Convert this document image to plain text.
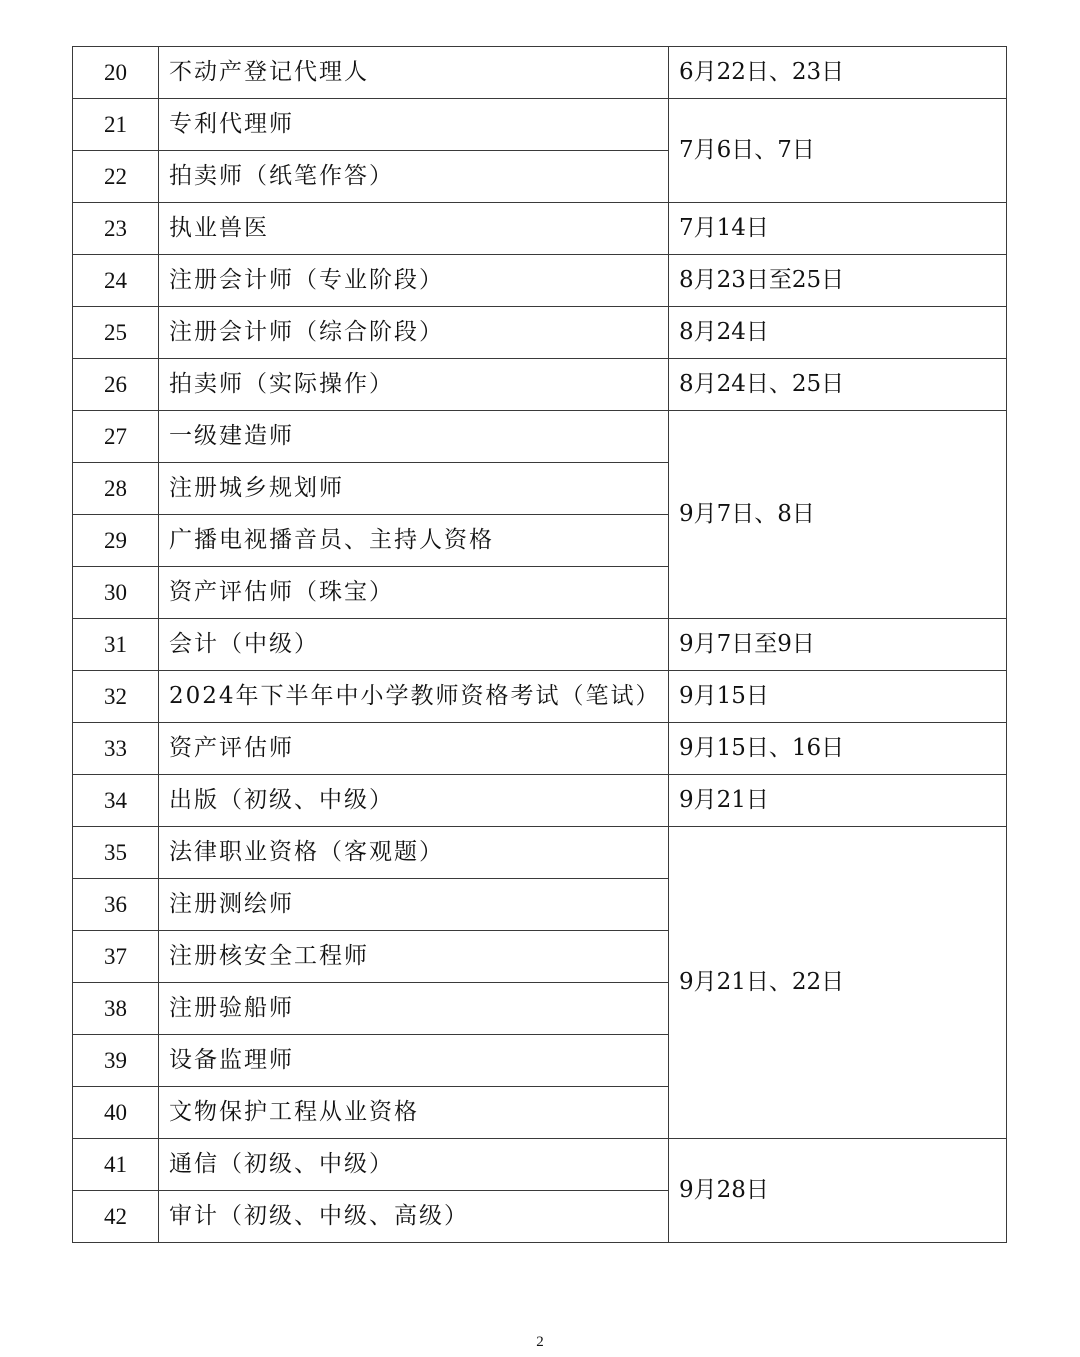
20	不动产登记代理人	6月22日、23日
21	专利代理师	7月6日、7日
22	拍卖师（纸笔作答）	
23	执业兽医	7月14日
24	注册会计师（专业阶段）	8月23日至25日
25	注册会计师（综合阶段）	8月24日
26	拍卖师（实际操作）	8月24日、25日
27	一级建造师	9月7日、8日
28	注册城乡规划师	
29	广播电视播音员、主持人资格	
30	资产评估师（珠宝）	
31	会计（中级）	9月7日至9日
32	2024年下半年中小学教师资格考试（笔试）	9月15日
33	资产评估师	9月15日、16日
34	出版（初级、中级）	9月21日
35	法律职业资格（客观题）	9月21日、22日
36	注册测绘师	
37	注册核安全工程师	
38	注册验船师	
39	设备监理师	
40	文物保护工程从业资格	
41	通信（初级、中级）	9月28日
42	审计（初级、中级、高级）	
2
